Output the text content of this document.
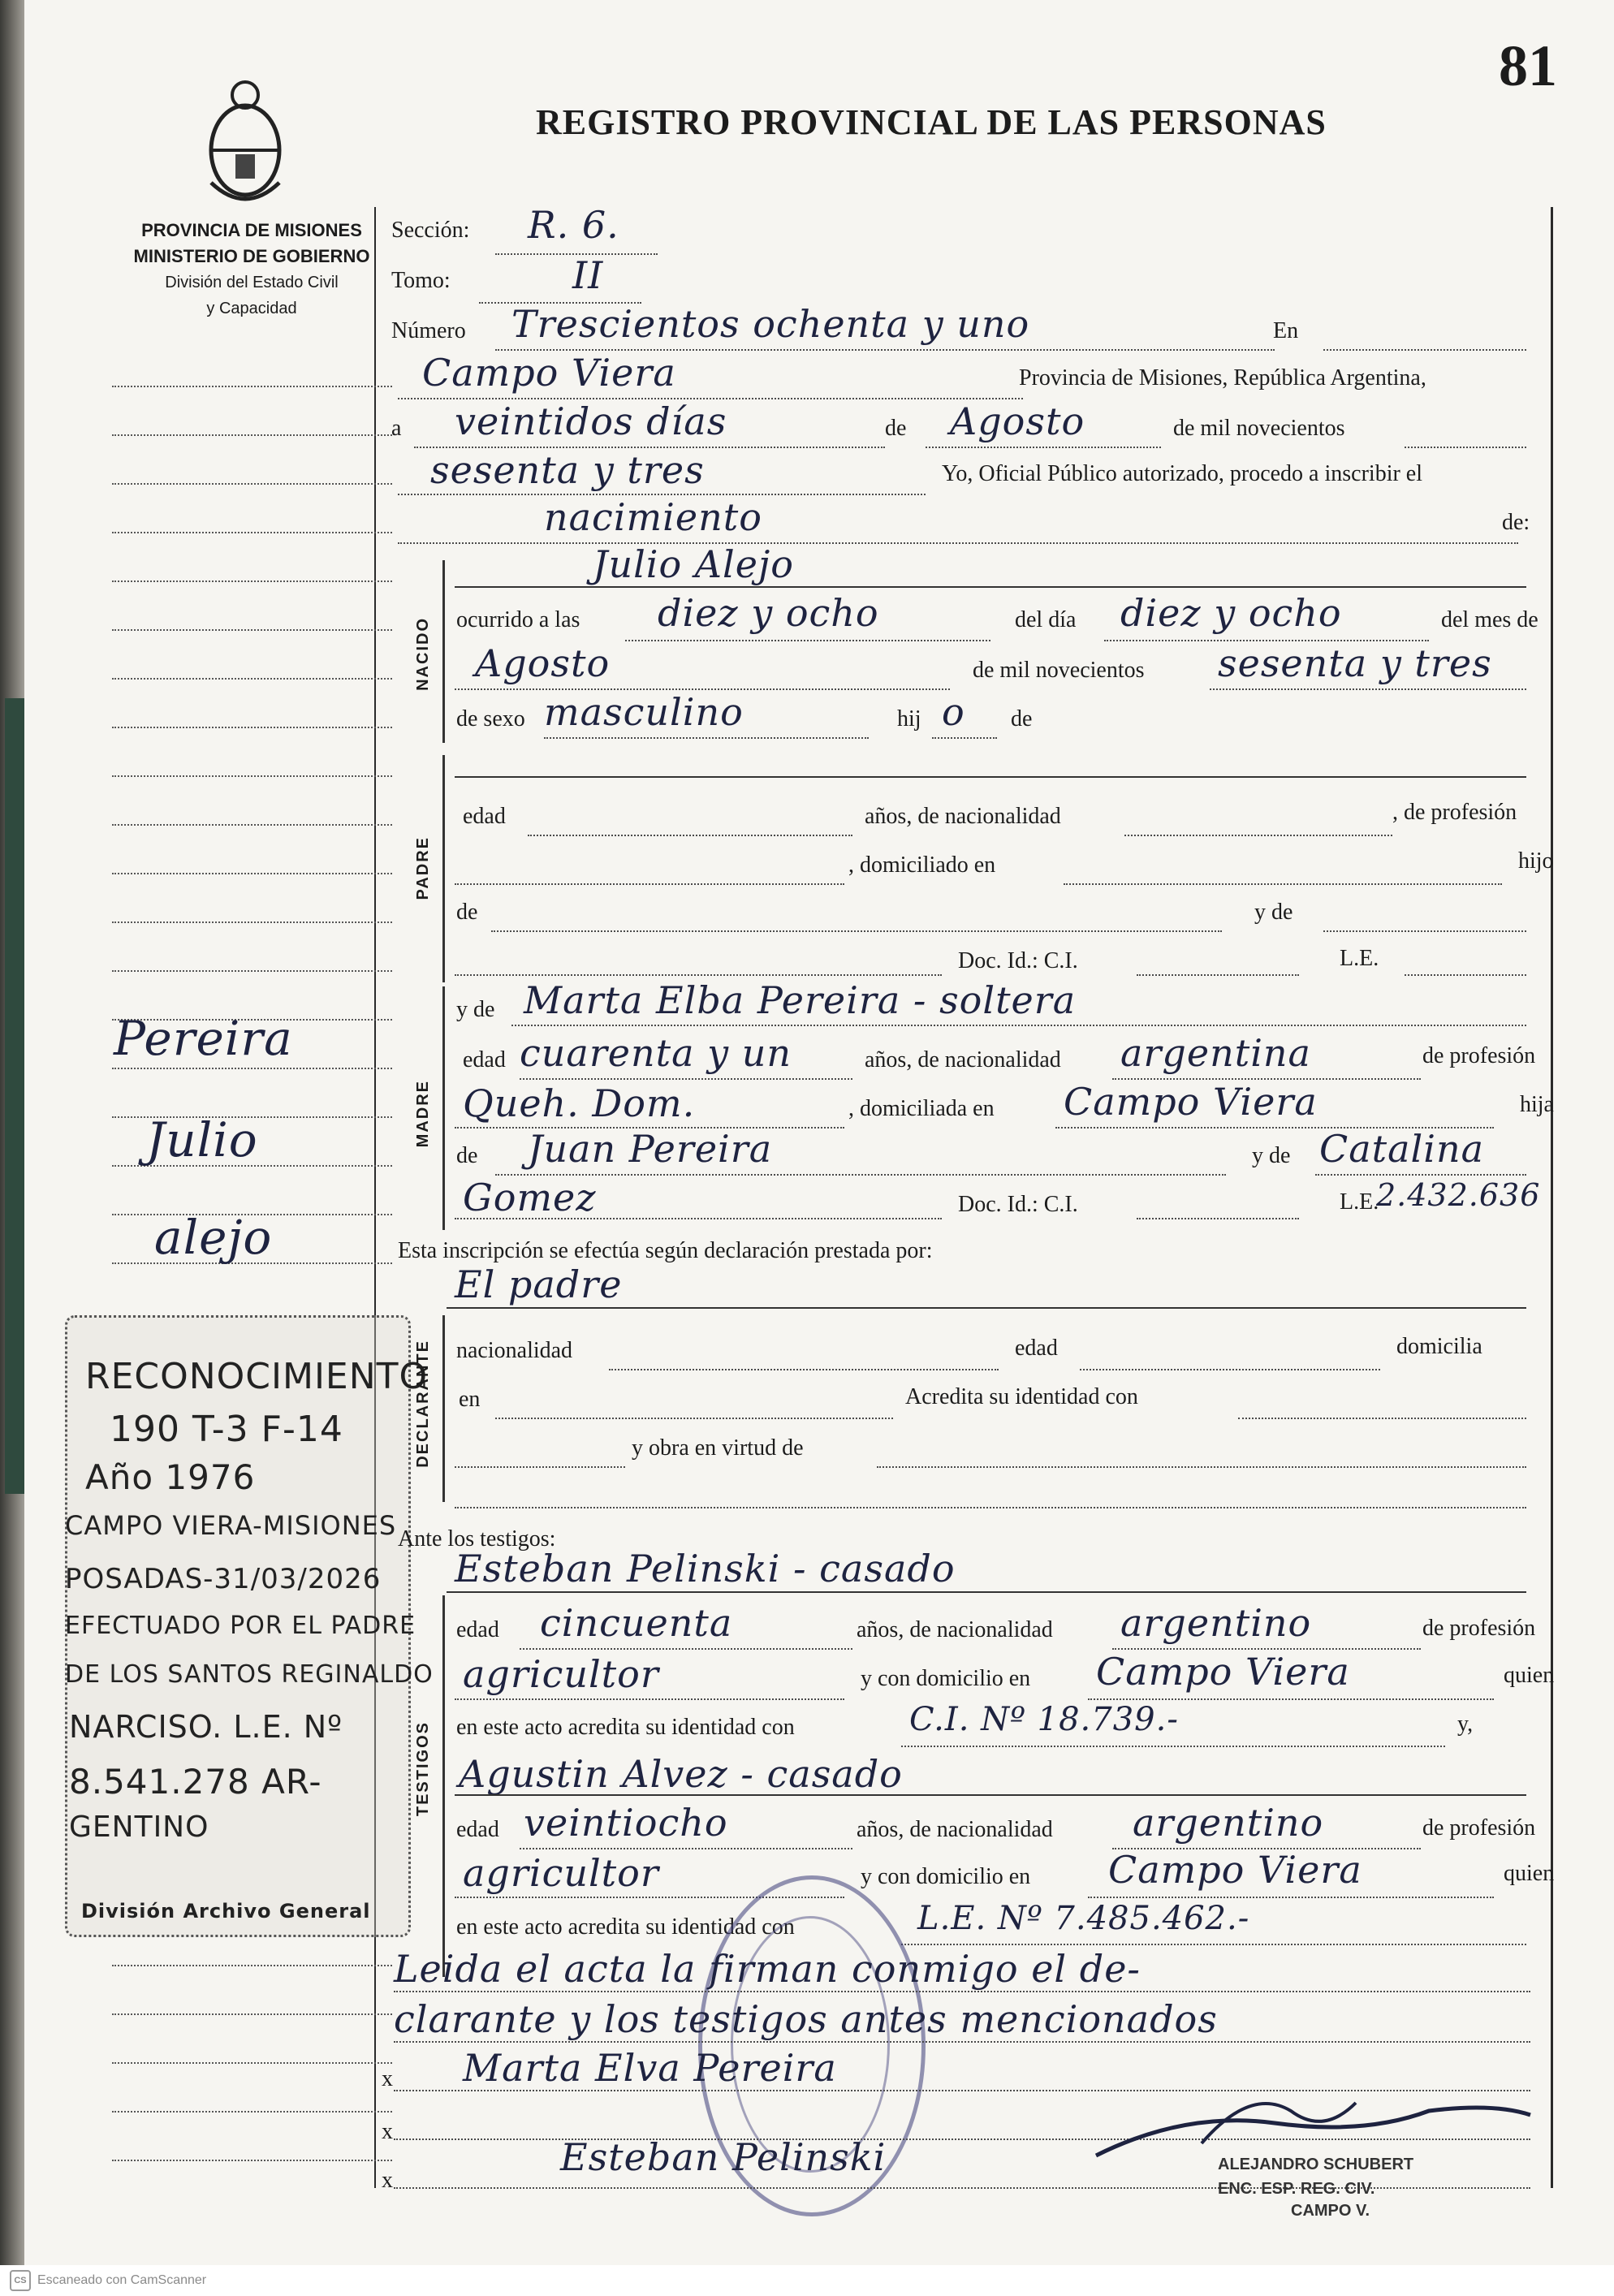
81
REGISTRO PROVINCIAL DE LAS PERSONAS
PROVINCIA DE MISIONES
MINISTERIO DE GOBIERNO
División del Estado Civil
y Capacidad
Pereira
Julio
alejo
RECONOCIMIENTO
190 T-3 F-14
Año 1976
CAMPO VIERA-MISIONES
POSADAS-31/03/2026
EFECTUADO POR EL PADRE
DE LOS SANTOS REGINALDO
NARCISO. L.E. Nº
8.541.278 AR-
GENTINO
División Archivo General
Sección: R. 6.
Tomo:	II
Número Trescientos ochenta y uno	En
Campo Viera	Provincia de Misiones, República Argentina,
a veintidos días	de Agosto	de mil novecientos
sesenta y tres	Yo, Oficial Público autorizado, procedo a inscribir el
nacimiento	de:
NACIDO
Julio Alejo
ocurrido a las diez y ocho	del día diez y ocho	del mes de
Agosto	de mil novecientos sesenta y tres
de sexo masculino	hij o de
PADRE
edad	años, de nacionalidad	, de profesión
, domiciliado en	hijo
de	y de
Doc. Id.: C.I.	L.E.
MADRE
y de Marta Elba Pereira - soltera
edad cuarenta y un	años, de nacionalidad argentina	de profesión
Queh. Dom.	, domiciliada en Campo Viera	hija
de Juan Pereira	y de Catalina
Gomez	Doc. Id.: C.I.	L.E.
2.432.636
Esta inscripción se efectúa según declaración prestada por:
El padre
DECLARANTE nacionalidad	edad	domicilia
en	Acredita su identidad con
y obra en virtud de
Ante los testigos:
Esteban Pelinski - casado
TESTIGOS
edad cincuenta	años, de nacionalidad argentino	de profesión
agricultor	y con domicilio en Campo Viera	quien
en este acto acredita su identidad con	C.I. Nº 18.739.-	y,
Agustin Alvez - casado
edad veintiocho	años, de nacionalidad argentino	de profesión
agricultor	y con domicilio en Campo Viera	quien
en este acto acredita su identidad con	L.E. Nº 7.485.462.-
Leida el acta la firman conmigo el de-
clarante y los testigos antes mencionados
x Marta Elva Pereira
x
Esteban Pelinski
x
ALEJANDRO SCHUBERT
ENC. ESP. REG. CIV.
CAMPO V.
CS Escaneado con CamScanner
